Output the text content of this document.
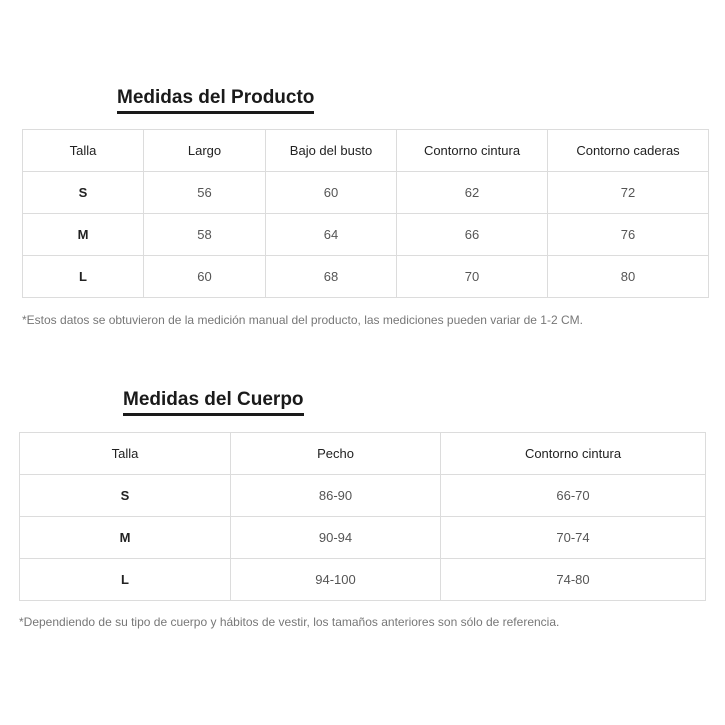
Medidas del Producto
Talla	Largo	Bajo del busto	Contorno cintura	Contorno caderas
S	56	60	62	72
M	58	64	66	76
L	60	68	70	80
*Estos datos se obtuvieron de la medición manual del producto, las mediciones pueden variar de 1-2 CM.
Medidas del Cuerpo
Talla	Pecho	Contorno cintura
S	86-90	66-70
M	90-94	70-74
L	94-100	74-80
*Dependiendo de su tipo de cuerpo y hábitos de vestir, los tamaños anteriores son sólo de referencia.
